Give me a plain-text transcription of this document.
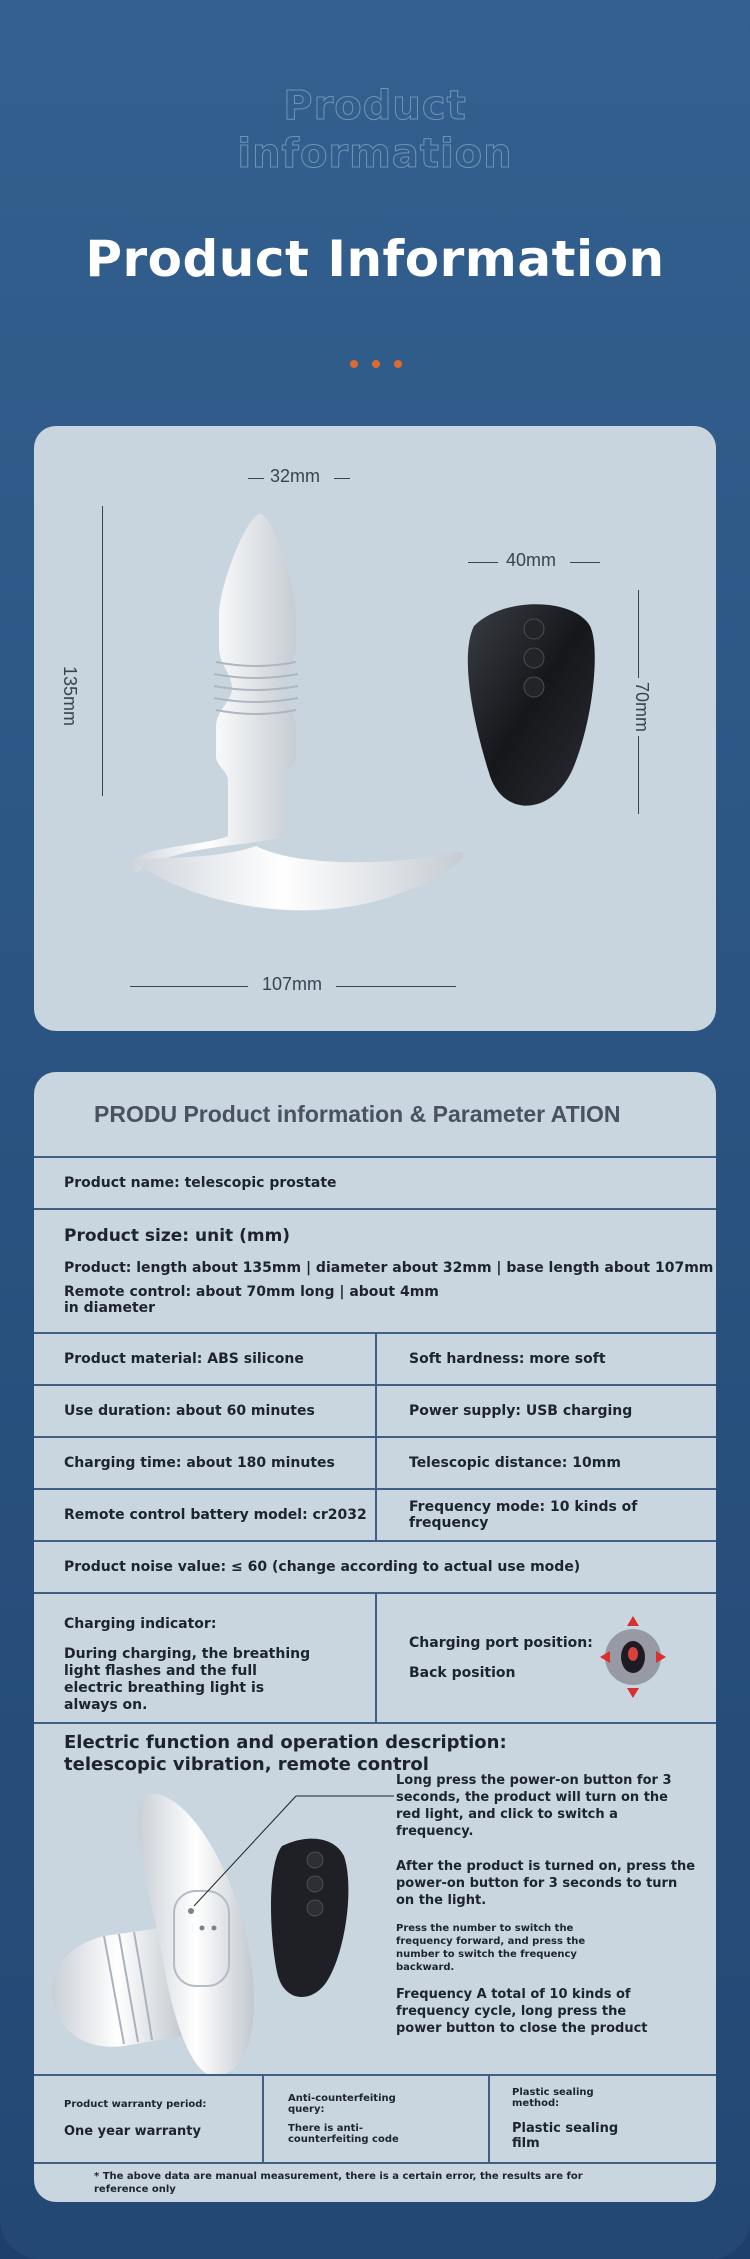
Product
information
Product Information
32mm
135mm
107mm
40mm
70mm
PRODU Product information & Parameter ATION
Product name: telescopic prostate
Product size: unit (mm)
Product: length about 135mm | diameter about 32mm | base length about 107mm
Remote control: about 70mm long | about 4mm in diameter
Product material: ABS silicone	Soft hardness: more soft
Use duration: about 60 minutes	Power supply: USB charging
Charging time: about 180 minutes	Telescopic distance: 10mm
Remote control battery model: cr2032	Frequency mode: 10 kinds of frequency
Product noise value: ≤ 60 (change according to actual use mode)
Charging indicator:
During charging, the breathing light flashes and the full electric breathing light is always on.
Charging port position:
Back position
Electric function and operation description: telescopic vibration, remote control
Long press the power-on button for 3 seconds, the product will turn on the red light, and click to switch a frequency.
After the product is turned on, press the power-on button for 3 seconds to turn on the light.
Press the number to switch the frequency forward, and press the number to switch the frequency backward.
Frequency A total of 10 kinds of frequency cycle, long press the power button to close the product
Product warranty period:
One year warranty
Anti-counterfeiting query:
There is anti-counterfeiting code
Plastic sealing method:
Plastic sealing film
* The above data are manual measurement, there is a certain error, the results are for reference only
